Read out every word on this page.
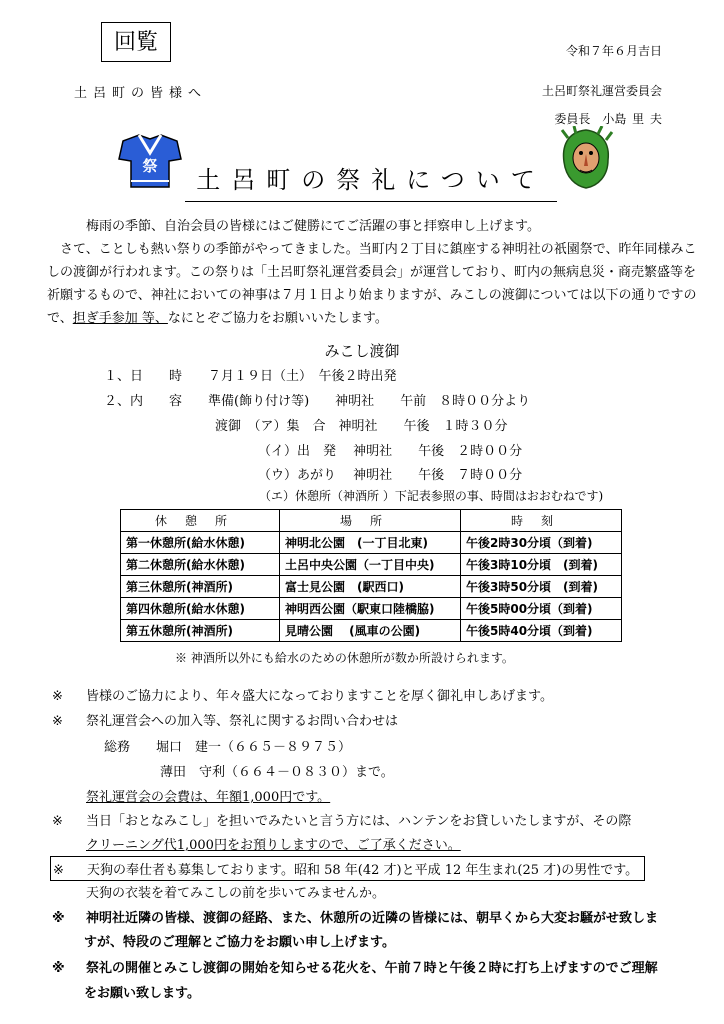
回覧	令和７年６月吉日
土呂町の皆様へ	土呂町祭礼運営委員会
委員長　小島 里 夫
祭	土呂町の祭礼について
梅雨の季節、自治会員の皆様にはご健勝にてご活躍の事と拝察申し上げます。
さて、ことしも熱い祭りの季節がやってきました。当町内２丁目に鎮座する神明社の祇園祭で、昨年同様みこしの渡御が行われます。この祭りは「土呂町祭礼運営委員会」が運営しており、町内の無病息災・商売繁盛等を祈願するもので、神社においての神事は７月１日より始まりますが、みこしの渡御については以下の通りですので、担ぎ手参加 等、なにとぞご協力をお願いいたします。
みこし渡御
１、日　　時　　７月１９日（土）　午後２時出発
２、内　　容　　準備(飾り付け等)　　神明社　　午前　８時００分より
渡御　（ア）集　合　神明社　　午後　１時３０分
（イ）出　発　 神明社　　午後　２時００分
（ウ）あがり　 神明社　　午後　７時００分
（エ）休憩所（神酒所 ）下記表参照の事、時間はおおむねです)
休憩所	場所	時刻
第一休憩所(給水休憩)	神明北公園　(一丁目北東)	午後2時30分頃（到着)
第二休憩所(給水休憩)	土呂中央公園（一丁目中央)	午後3時10分頃　(到着)
第三休憩所(神酒所)	富士見公園　(駅西口)	午後3時50分頃　(到着)
第四休憩所(給水休憩)	神明西公園（駅東口陸橋脇)	午後5時00分頃（到着)
第五休憩所(神酒所)	見晴公園　 (風車の公園)	午後5時40分頃（到着)
※ 神酒所以外にも給水のための休憩所が数か所設けられます。
※ 皆様のご協力により、年々盛大になっておりますことを厚く御礼申しあげます。
※ 祭礼運営会への加入等、祭礼に関するお問い合わせは
総務　　堀口　建一（６６５－８９７５）
薄田　守利（６６４－０８３０）まで。
祭礼運営会の会費は、年額1,000円です。
※ 当日「おとなみこし」を担いでみたいと言う方には、ハンテンをお貸しいたしますが、その際
クリーニング代1,000円をお預りしますので、ご了承ください。
※ 天狗の奉仕者も募集しております。昭和 58 年(42 才)と平成 12 年生まれ(25 才)の男性です。
天狗の衣装を着てみこしの前を歩いてみませんか。
※ 神明社近隣の皆様、渡御の経路、また、休憩所の近隣の皆様には、朝早くから大変お騒がせ致しま
すが、特段のご理解とご協力をお願い申し上げます。
※ 祭礼の開催とみこし渡御の開始を知らせる花火を、午前７時と午後２時に打ち上げますのでご理解
をお願い致します。
